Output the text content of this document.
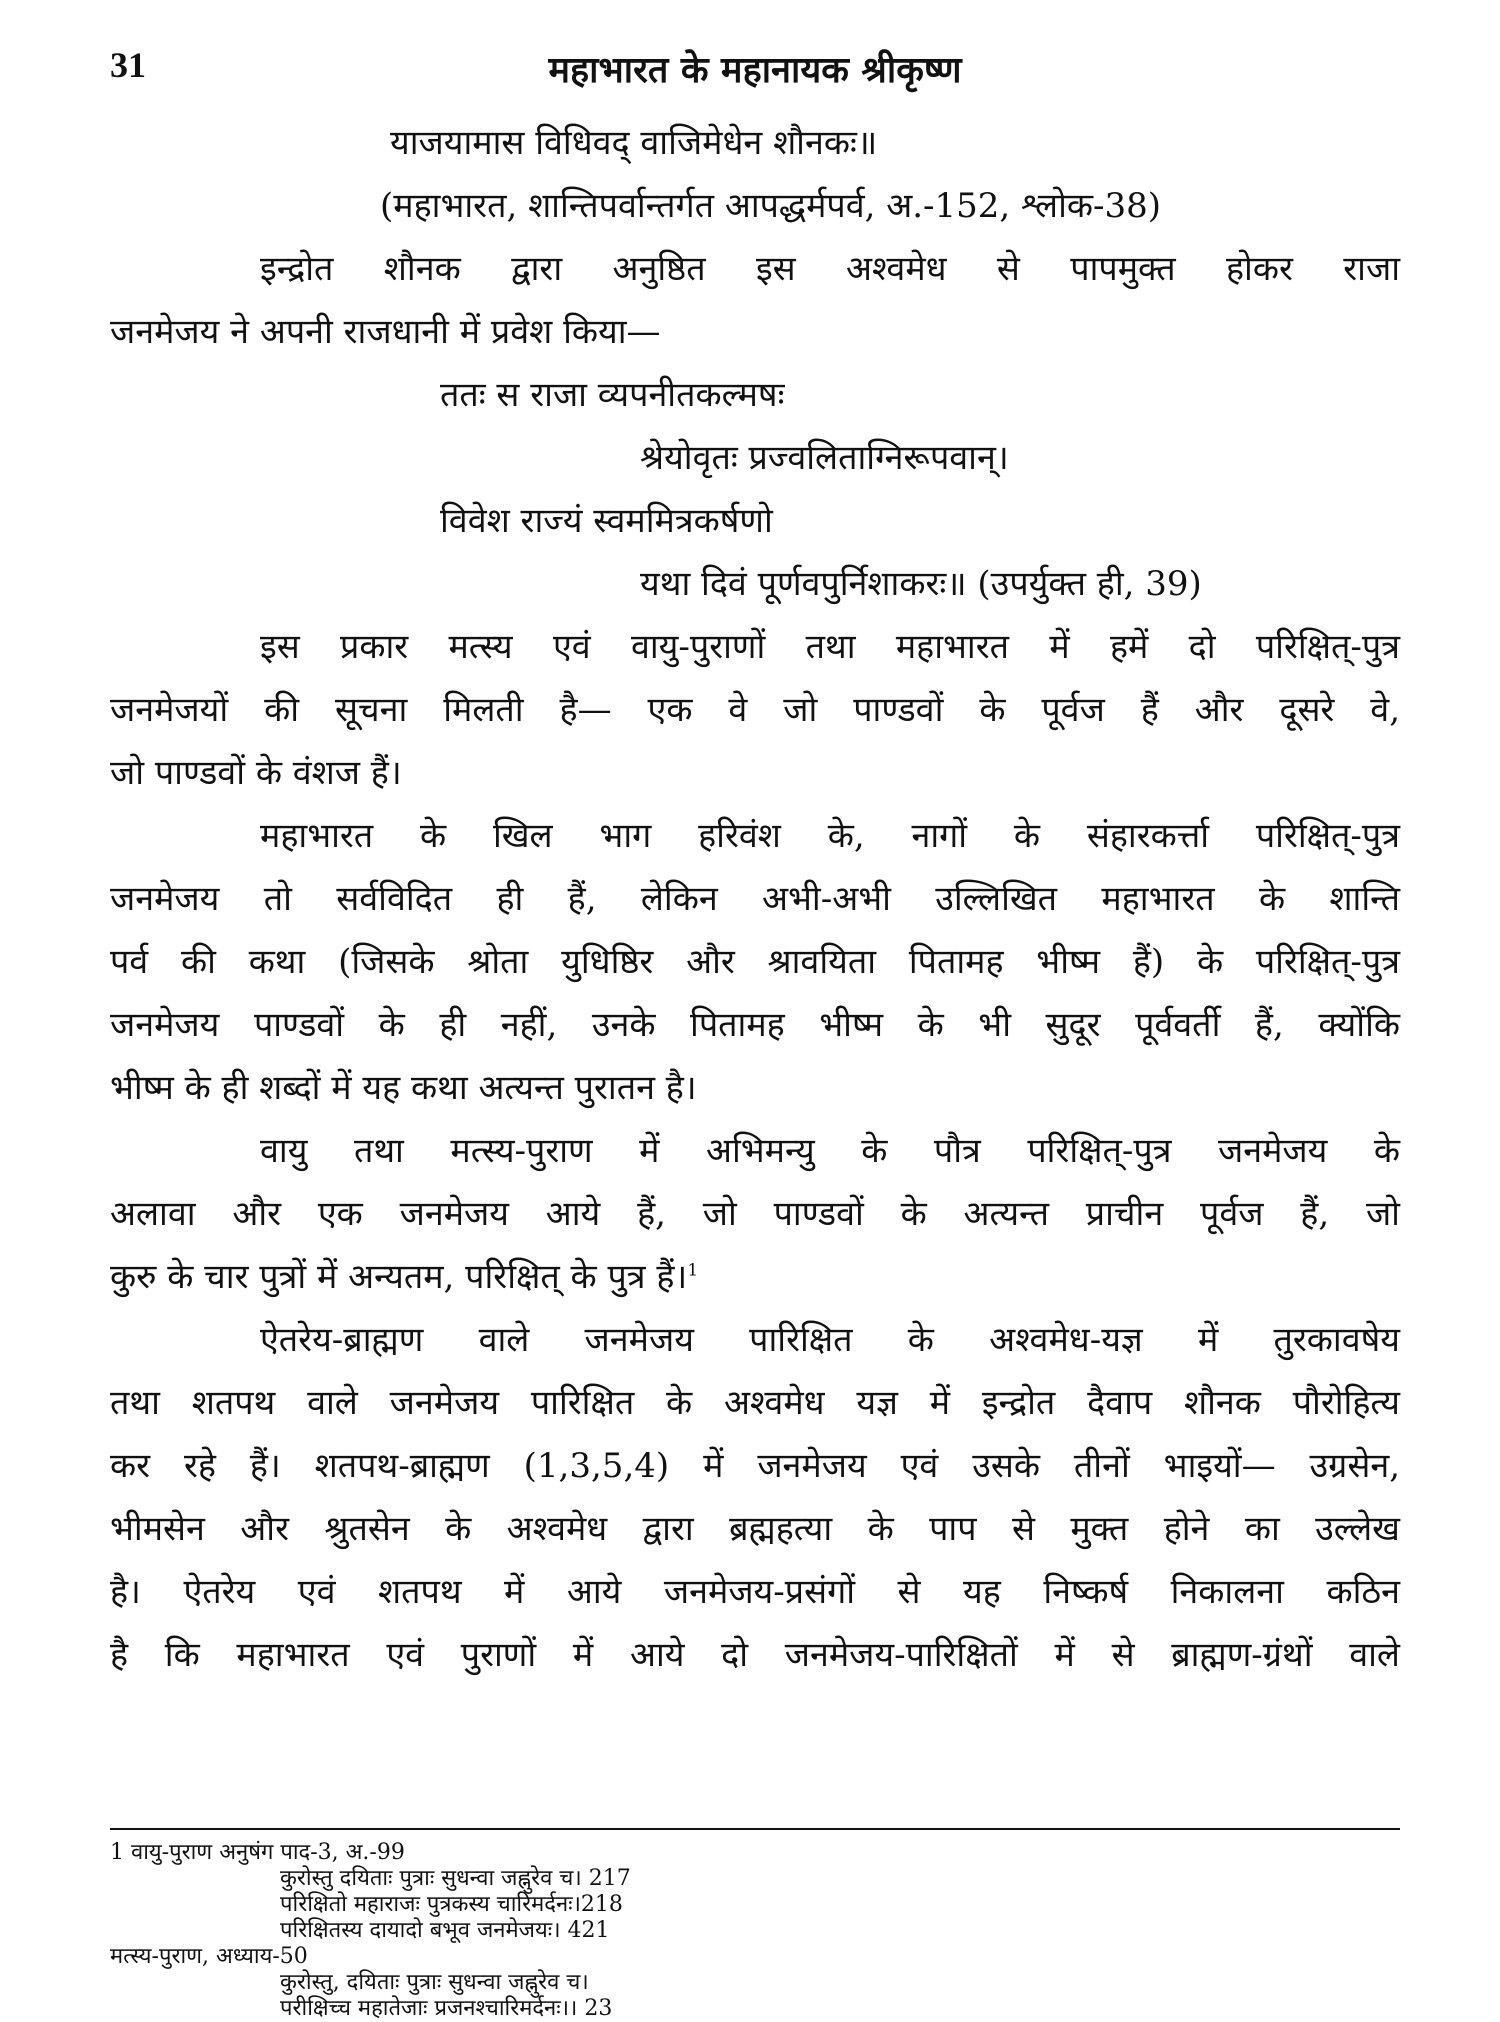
31	महाभारत के महानायक श्रीकृष्ण
याजयामास विधिवद् वाजिमेधेन शौनकः॥
(महाभारत, शान्तिपर्वान्तर्गत आपद्धर्मपर्व, अ.-152, श्लोक-38)
इन्द्रोत शौनक द्वारा अनुष्ठित इस अश्वमेध से पापमुक्त होकर राजा
जनमेजय ने अपनी राजधानी में प्रवेश किया—
ततः स राजा व्यपनीतकल्मषः
श्रेयोवृतः प्रज्वलिताग्निरूपवान्।
विवेश राज्यं स्वममित्रकर्षणो
यथा दिवं पूर्णवपुर्निशाकरः॥ (उपर्युक्त ही, 39)
इस प्रकार मत्स्य एवं वायु-पुराणों तथा महाभारत में हमें दो परिक्षित्-पुत्र
जनमेजयों की सूचना मिलती है— एक वे जो पाण्डवों के पूर्वज हैं और दूसरे वे,
जो पाण्डवों के वंशज हैं।
महाभारत के खिल भाग हरिवंश के, नागों के संहारकर्त्ता परिक्षित्-पुत्र
जनमेजय तो सर्वविदित ही हैं, लेकिन अभी-अभी उल्लिखित महाभारत के शान्ति
पर्व की कथा (जिसके श्रोता युधिष्ठिर और श्रावयिता पितामह भीष्म हैं) के परिक्षित्-पुत्र
जनमेजय पाण्डवों के ही नहीं, उनके पितामह भीष्म के भी सुदूर पूर्ववर्ती हैं, क्योंकि
भीष्म के ही शब्दों में यह कथा अत्यन्त पुरातन है।
वायु तथा मत्स्य-पुराण में अभिमन्यु के पौत्र परिक्षित्-पुत्र जनमेजय के
अलावा और एक जनमेजय आये हैं, जो पाण्डवों के अत्यन्त प्राचीन पूर्वज हैं, जो
कुरु के चार पुत्रों में अन्यतम, परिक्षित् के पुत्र हैं।$^1$
ऐतरेय-ब्राह्मण वाले जनमेजय पारिक्षित के अश्वमेध-यज्ञ में तुरकावषेय
तथा शतपथ वाले जनमेजय पारिक्षित के अश्वमेध यज्ञ में इन्द्रोत दैवाप शौनक पौरोहित्य
कर रहे हैं। शतपथ-ब्राह्मण (1,3,5,4) में जनमेजय एवं उसके तीनों भाइयों— उग्रसेन,
भीमसेन और श्रुतसेन के अश्वमेध द्वारा ब्रह्महत्या के पाप से मुक्त होने का उल्लेख
है। ऐतरेय एवं शतपथ में आये जनमेजय-प्रसंगों से यह निष्कर्ष निकालना कठिन
है कि महाभारत एवं पुराणों में आये दो जनमेजय-पारिक्षितों में से ब्राह्मण-ग्रंथों वाले
1 वायु-पुराण अनुषंग पाद-3, अ.-99
कुरोस्तु दयिताः पुत्राः सुधन्वा जह्नुरेव च। 217
परिक्षितो महाराजः पुत्रकस्य चारिमर्दनः।218
परिक्षितस्य दायादो बभूव जनमेजयः। 421
मत्स्य-पुराण, अध्याय-50
कुरोस्तु, दयिताः पुत्राः सुधन्वा जह्नुरेव च।
परीक्षिच्च महातेजाः प्रजनश्चारिमर्दनः।। 23
